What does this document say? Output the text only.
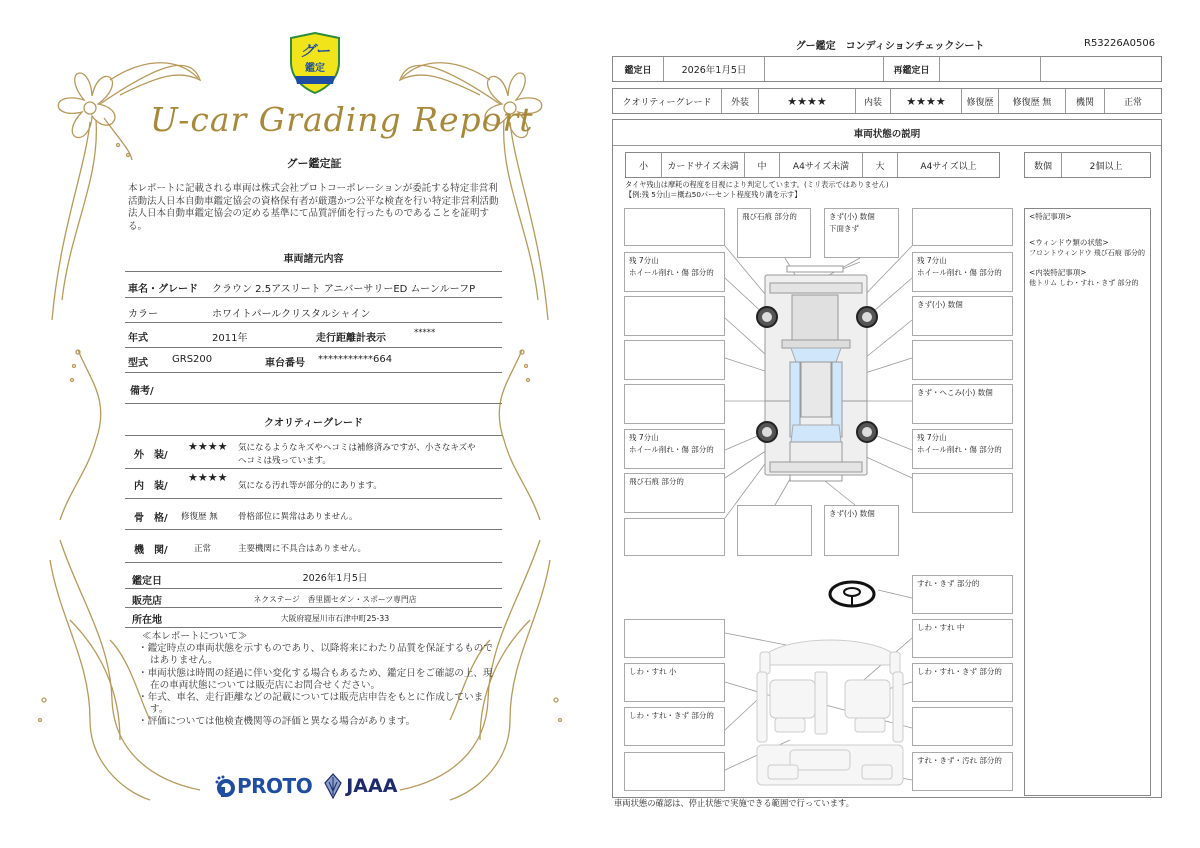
グー
鑑定
U-car Grading Report
グー鑑定証
本レポートに記載される車両は株式会社プロトコーポレーションが委託する特定非営利活動法人日本自動車鑑定協会の資格保有者が厳選かつ公平な検査を行い特定非営利活動法人日本自動車鑑定協会の定める基準にて品質評価を行ったものであることを証明する。
車両諸元内容
車名・グレード クラウン 2.5アスリート アニバーサリーED ムーンルーフP
カラー	ホワイトパールクリスタルシャイン
年式	2011年	走行距離計表示	*****
型式 GRS200	車台番号 ***********664
備考/
クオリティーグレード
外　装/
★★★★ 気になるようなキズやヘコミは補修済みですが、小さなキズや
ヘコミは残っています。
内　装/
★★★★
気になる汚れ等が部分的にあります。
骨　格/ 修復歴 無 骨格部位に異常はありません。
機　関/	正常	主要機関に不具合はありません。
鑑定日	2026年1月5日
販売店	ネクステージ　香里園セダン・スポーツ専門店
所在地	大阪府寝屋川市石津中町25-33
≪本レポートについて≫
・鑑定時点の車両状態を示すものであり、以降将来にわたり品質を保証するものではありません。
・車両状態は時間の経過に伴い変化する場合もあるため、鑑定日をご確認の上、現在の車両状態については販売店にお問合せください。
・年式、車名、走行距離などの記載については販売店申告をもとに作成しています。
・評価については他検査機関等の評価と異なる場合があります。
PROTO JAAA
グー鑑定　コンディションチェックシート	R53226A0506
鑑定日	2026年1月5日	再鑑定日
クオリティーグレード	外装	★★★★	内装	★★★★	修復歴	修復歴 無	機関	正常
車両状態の説明
小	カードサイズ未満	中	A4サイズ未満	大	A4サイズ以上	数個	2個以上
タイヤ残山は摩耗の程度を目視により判定しています。(ミリ表示ではありません)
【例:残 5分山＝概ね50パーセント程度残り溝を示す】
飛び石痕 部分的	きず(小) 数個
下面きず
残 7分山
ホイール削れ・傷 部分的
残 7分山
ホイール削れ・傷 部分的
きず(小) 数個
きず・へこみ(小) 数個
残 7分山
ホイール削れ・傷 部分的
残 7分山
ホイール削れ・傷 部分的
飛び石痕 部分的
きず(小) 数個
すれ・きず 部分的
しわ・すれ 中
しわ・すれ 小	しわ・すれ・きず 部分的
しわ・すれ・きず 部分的
すれ・きず・汚れ 部分的
<特記事項>
<ウィンドウ類の状態>
フロントウィンドウ 飛び石痕 部分的
<内装特記事項>
他トリム しわ・すれ・きず 部分的
車両状態の確認は、停止状態で実施できる範囲で行っています。
